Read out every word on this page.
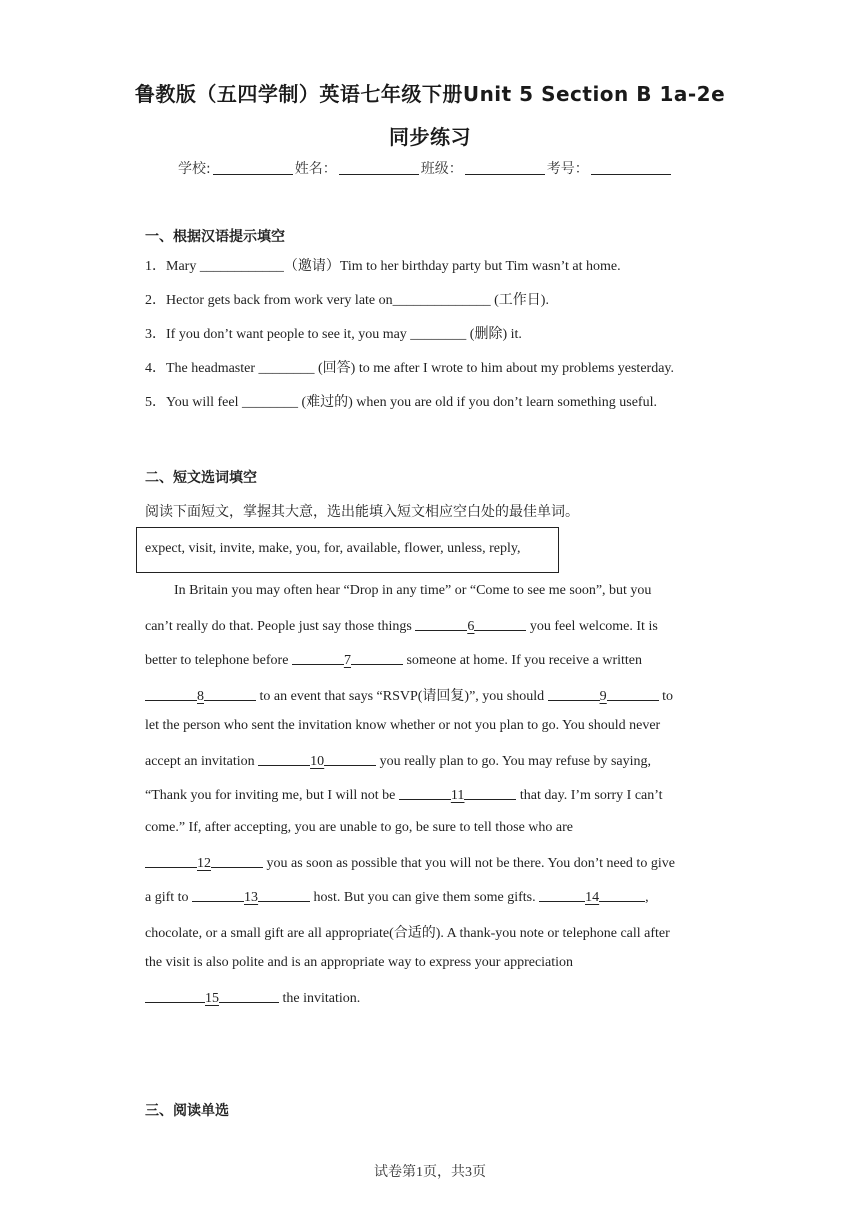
鲁教版（五四学制）英语七年级下册Unit 5 Section B 1a-2e
同步练习
学校:	姓名：	班级：	考号：
一、根据汉语提示填空
1．Mary ____________（邀请）Tim to her birthday party but Tim wasn’t at home.
2．Hector gets back from work very late on______________ (工作日).
3．If you don’t want people to see it, you may ________ (删除) it.
4．The headmaster ________ (回答) to me after I wrote to him about my problems yesterday.
5．You will feel ________ (难过的) when you are old if you don’t learn something useful.
二、短文选词填空
阅读下面短文，掌握其大意，选出能填入短文相应空白处的最佳单词。
expect, visit, invite, make, you, for, available, flower, unless, reply,
In Britain you may often hear “Drop in any time” or “Come to see me soon”, but you
can’t really do that. People just say those things	6	you feel welcome. It is
better to telephone before	7	someone at home. If you receive a written
8	to an event that says “RSVP(请回复)”, you should	9	to
let the person who sent the invitation know whether or not you plan to go. You should never
accept an invitation	10	you really plan to go. You may refuse by saying,
“Thank you for inviting me, but I will not be	11	that day. I’m sorry I can’t
come.” If, after accepting, you are unable to go, be sure to tell those who are
12	you as soon as possible that you will not be there. You don’t need to give
a gift to	13	host. But you can give them some gifts.	14	,
chocolate, or a small gift are all appropriate(合适的). A thank-you note or telephone call after
the visit is also polite and is an appropriate way to express your appreciation
15	the invitation.
三、阅读单选
试卷第1页，共3页
